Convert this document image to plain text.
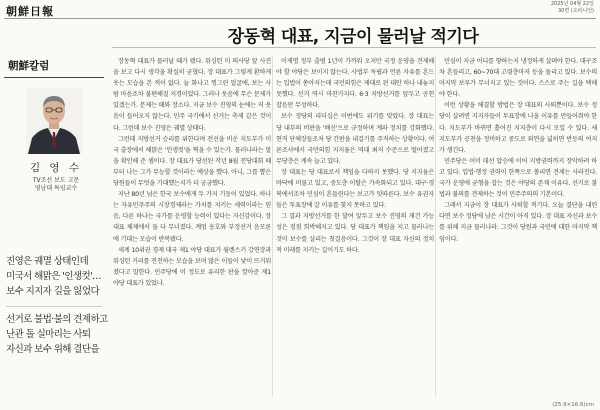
朝鮮日報
2025년 04월 22일
30면 (오피니언)
장동혁 대표, 지금이 물러날 적기다
朝鮮칼럼
김 영 수
TV조선 보도 고문
영남대 특임교수
진영은 궤멸 상태인데
미국서 해맑은 '인생컷'…
보수 지지자 길을 잃었다
선거로 불법·불의 견제하고
난관 돌 실마리는 사퇴
자신과 보수 위해 결단을

장동혁 대표가 물러날 때가 됐다. 워싱턴 미 의사당 앞 사진을 보고 다시 생각을 확실히 굳혔다. 장 대표가 그렇게 환하게 웃는 모습을 본 적이 없다. 늘 화나고 찡그린 얼굴에, 보는 사람 마음조차 불편해질 지경이었다. 그러나 웃음에 무슨 문제가 있겠는가. 문제는 때와 장소다. 지금 보수 진영의 눈에는 저 웃음이 들어오지 않는다. 민주 국가에서 선거는 축제 같은 것이다. 그런데 보수 진영은 궤멸 상태다.

그런데 지방선거 승리를 위한다며 전선을 비운 지도부가 미국 출장에서 해맑은 '인생컷'을 찍을 수 있는가. 물러나라는 말을 확인해 준 셈이다. 장 대표가 당선된 작년 8월 전당대회 때부터 나는 그가 무능할 것이라는 예상을 했다. 아니, 그를 뽑은 당원들이 무엇을 기대했는지가 더 궁금했다.

지난 80년 넘은 한국 보수에게 두 가지 기둥이 있었다. 하나는 자유민주주의 시장경제라는 가치를 지키는 세력이라는 믿음, 다른 하나는 국가를 운영할 능력이 있다는 자신감이다. 장 대표 체제에서 둘 다 무너졌다. 계엄 옹호와 부정선거 음모론에 기대는 모습이 반복됐다.

세계 10위권 경제 대국 제1 야당 대표가 월렌스키 강연장과 워싱턴 거리를 전전하는 모습을 보며 많은 이들이 낯이 뜨거워졌다고 말한다. 민주당에 이 정도로 유리한 판을 깔아준 제1 야당 대표가 있었나.

이재명 정부 출범 1년이 가까워 오지만 국정 운영을 견제해야 할 야당은 보이지 않는다. 사법부 독립과 언론 자유를 흔드는 입법이 쏟아지는데 국민의힘은 제대로 된 대안 하나 내놓지 못했다. 선거 역시 마찬가지다. 6·3 지방선거를 앞두고 공천 잡음만 무성하다.

보수 정당의 리더십은 이번에도 위기를 맞았다. 장 대표는 당 내부의 비판을 '배신'으로 규정하며 계파 정치를 강화했다. 현직 단체장들조차 당 간판을 내걸기를 주저하는 상황이다. 여론조사에서 국민의힘 지지율은 역대 최저 수준으로 떨어졌고 무당층은 계속 늘고 있다.

장 대표는 당 대표로서 책임을 다하지 못했다. 당 지지율은 바닥에 머물고 있고, 중도층 이탈은 가속화되고 있다. 대구·경북에서조차 민심이 흔들린다는 보고가 잇따른다. 보수 유권자들은 투표장에 갈 이유를 찾지 못하고 있다.

그 결과 지방선거를 한 달여 앞두고 보수 진영의 재건 가능성은 점점 희박해지고 있다. 당 대표가 책임을 지고 물러나는 것이 보수를 살리는 첫걸음이다. 그것이 장 대표 자신의 정치적 미래를 지키는 길이기도 하다.

민심이 지금 어디를 향하는지 냉정하게 살펴야 한다. 대구조차 흔들리고, 60~70대 고령층마저 등을 돌리고 있다. 보수의 마지막 보루가 무너지고 있는 것이다. 스스로 주는 길을 택해야 한다.

이런 상황을 해결할 방법은 장 대표의 사퇴뿐이다. 보수 정당이 살려면 지지자들이 투표장에 나올 이유를 만들어줘야 한다. 지도부가 바뀌면 흩어진 지지층이 다시 모일 수 있다. 새 지도부가 공천을 정비하고 중도로 외연을 넓히면 반등의 여지가 생긴다.

민주당은 이미 대선 압승에 이어 지방권력까지 장악하려 하고 있다. 입법·행정 권력이 한쪽으로 쏠리면 견제는 사라진다. 국가 운영에 균형을 잡는 것은 야당의 존재 이유다. 선거로 불법과 불의를 견제하는 것이 민주주의의 기본이다.

그래서 지금이 장 대표가 사퇴할 적기다. 오늘 결단을 내린다면 보수 정당에 남은 시간이 아직 있다. 장 대표 자신과 보수를 위해 지금 물러나라. 그것이 당원과 국민에 대한 마지막 책임이다.

(25.9×16.6)cm
